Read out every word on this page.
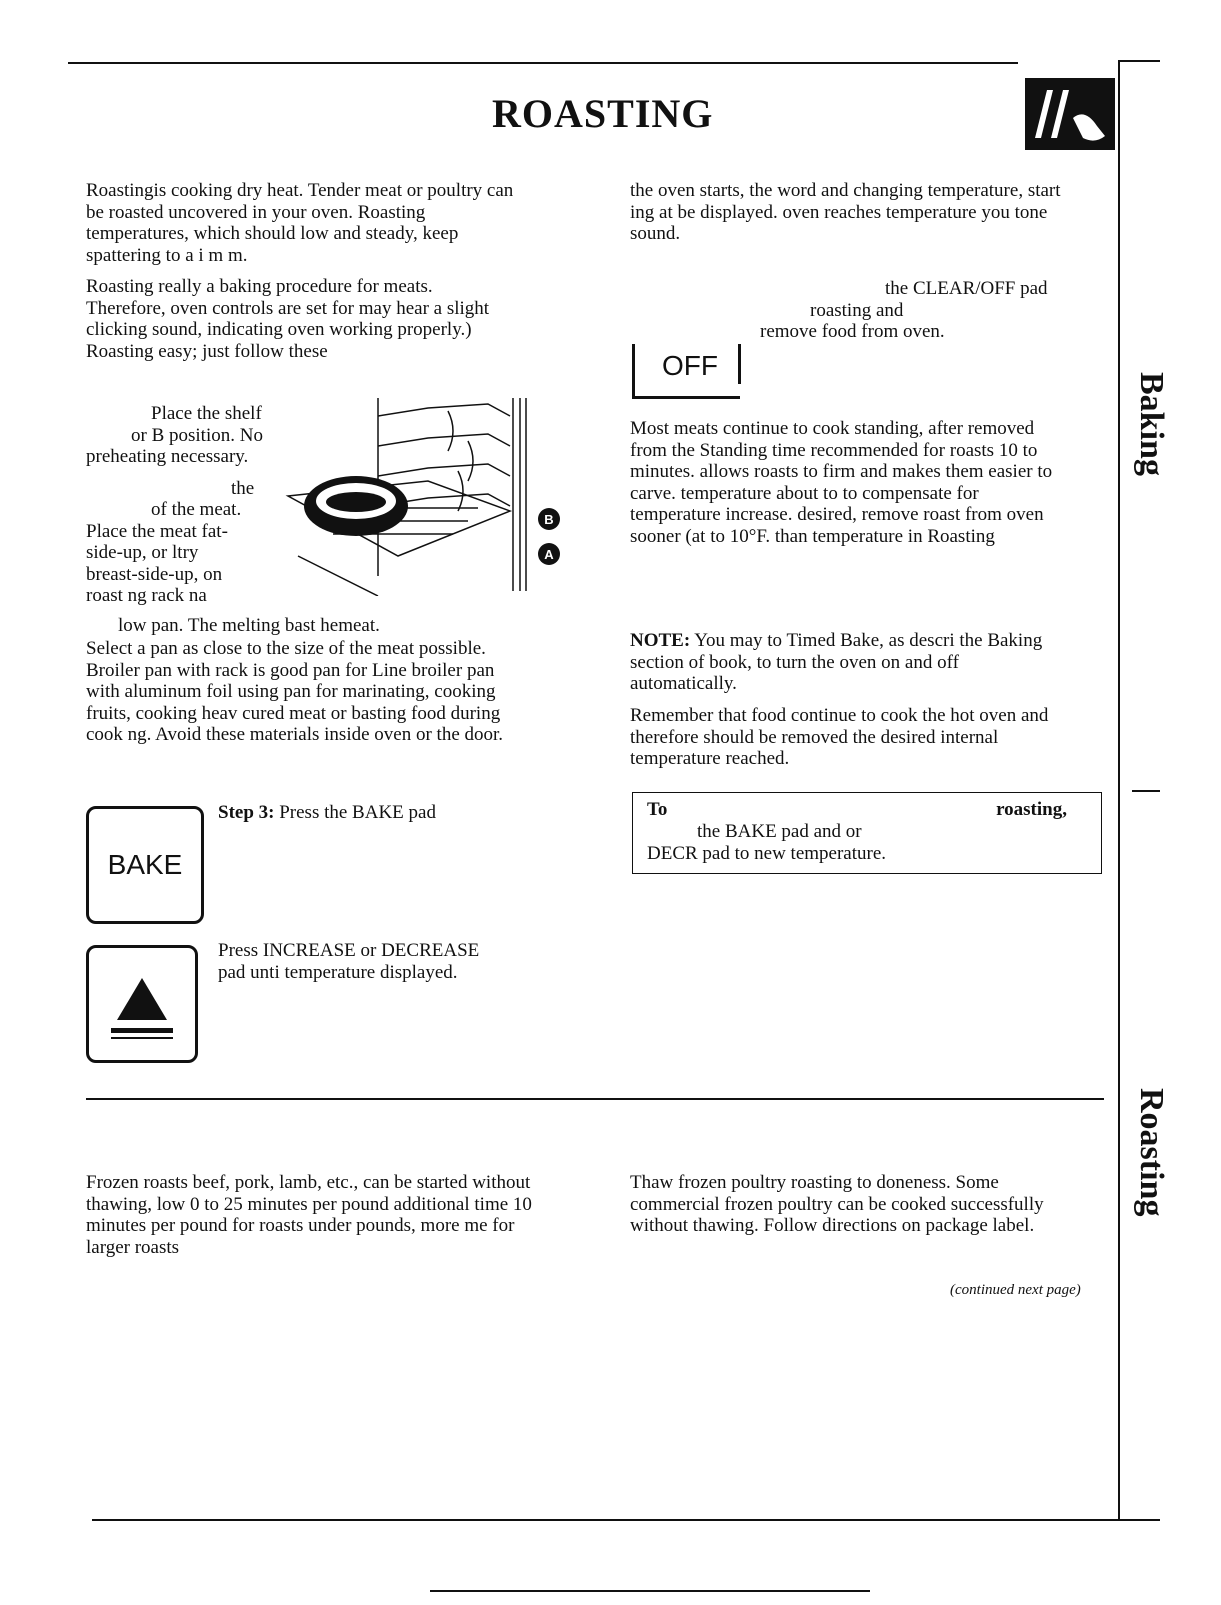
ROASTING

Roastingis cooking dry heat. Tender meat or poultry can be roasted uncovered in your oven. Roasting temperatures, which should low and steady, keep spattering to a i m m.

Roasting really a baking procedure for meats. Therefore, oven controls are set for may hear a slight clicking sound, indicating oven working properly.) Roasting easy; just follow these

Place the shelf
or B position. No
preheating necessary.
the
of the meat.
Place the meat fat-
side-up, or ltry
breast-side-up, on
roast ng rack na
low pan. The melting bast hemeat.
Select a pan as close to the size of the meat possible. Broiler pan with rack is good pan for Line broiler pan with aluminum foil using pan for marinating, cooking fruits, cooking heav cured meat or basting food during cook ng. Avoid these materials inside oven or the door.
B
A
BAKE
Step 3: Press the BAKE pad
Press INCREASE or DECREASE pad unti temperature displayed.
the oven starts, the word and changing temperature, start ing at be displayed. oven reaches temperature you tone sound.
the CLEAR/OFF pad
roasting and
remove food from oven.
OFF
Most meats continue to cook standing, after removed from the Standing time recommended for roasts 10 to minutes. allows roasts to firm and makes them easier to carve. temperature about to to compensate for temperature increase. desired, remove roast from oven sooner (at to 10°F. than temperature in Roasting
NOTE: You may to Timed Bake, as descri the Baking section of book, to turn the oven on and off automatically.
Remember that food continue to cook the hot oven and therefore should be removed the desired internal temperature reached.
To	roasting,
the BAKE pad and or
DECR pad to new temperature.
Baking
Roasting
Frozen roasts beef, pork, lamb, etc., can be started without thawing, low 0 to 25 minutes per pound additional time 10 minutes per pound for roasts under pounds, more me for larger roasts
Thaw frozen poultry roasting to doneness. Some commercial frozen poultry can be cooked successfully without thawing. Follow directions on package label.
(continued next page)
